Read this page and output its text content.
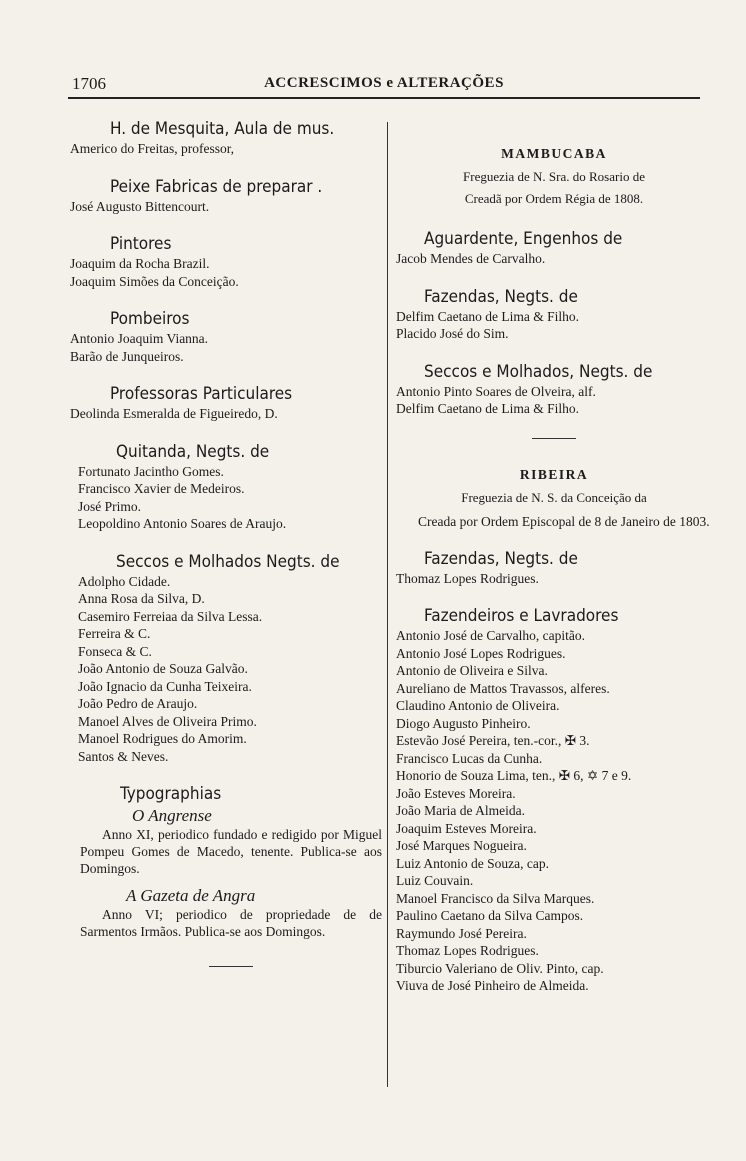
1706	ACCRESCIMOS e ALTERAÇÕES
H. de Mesquita, Aula de mus.
Americo do Freitas, professor,
Peixe Fabricas de preparar .
José Augusto Bittencourt.
Pintores
Joaquim da Rocha Brazil.
Joaquim Simões da Conceição.
Pombeiros
Antonio Joaquim Vianna.
Barão de Junqueiros.
Professoras Particulares
Deolinda Esmeralda de Figueiredo, D.
Quitanda, Negts. de
Fortunato Jacintho Gomes.
Francisco Xavier de Medeiros.
José Primo.
Leopoldino Antonio Soares de Araujo.
Seccos e Molhados Negts. de
Adolpho Cidade.
Anna Rosa da Silva, D.
Casemiro Ferreiaa da Silva Lessa.
Ferreira & C.
Fonseca & C.
João Antonio de Souza Galvão.
João Ignacio da Cunha Teixeira.
João Pedro de Araujo.
Manoel Alves de Oliveira Primo.
Manoel Rodrigues do Amorim.
Santos & Neves.
Typographias
O Angrense
Anno XI, periodico fundado e redigido por Miguel Pompeu Gomes de Macedo, tenente. Publica-se aos Domingos.
A Gazeta de Angra
Anno VI; periodico de propriedade de de Sarmentos Irmãos. Publica-se aos Domingos.
MAMBUCABA
Freguezia de N. Sra. do Rosario de
Creadã por Ordem Régia de 1808.
Aguardente, Engenhos de
Jacob Mendes de Carvalho.
Fazendas, Negts. de
Delfim Caetano de Lima & Filho.
Placido José do Sim.
Seccos e Molhados, Negts. de
Antonio Pinto Soares de Olveira, alf.
Delfim Caetano de Lima & Filho.
RIBEIRA
Freguezia de N. S. da Conceição da
Creada por Ordem Episcopal de 8 de Janeiro de 1803.
Fazendas, Negts. de
Thomaz Lopes Rodrigues.
Fazendeiros e Lavradores
Antonio José de Carvalho, capitão.
Antonio José Lopes Rodrigues.
Antonio de Oliveira e Silva.
Aureliano de Mattos Travassos, alferes.
Claudino Antonio de Oliveira.
Diogo Augusto Pinheiro.
Estevão José Pereira, ten.-cor., ✠ 3.
Francisco Lucas da Cunha.
Honorio de Souza Lima, ten., ✠ 6, ✡ 7 e 9.
João Esteves Moreira.
João Maria de Almeida.
Joaquim Esteves Moreira.
José Marques Nogueira.
Luiz Antonio de Souza, cap.
Luiz Couvain.
Manoel Francisco da Silva Marques.
Paulino Caetano da Silva Campos.
Raymundo José Pereira.
Thomaz Lopes Rodrigues.
Tiburcio Valeriano de Oliv. Pinto, cap.
Viuva de José Pinheiro de Almeida.
